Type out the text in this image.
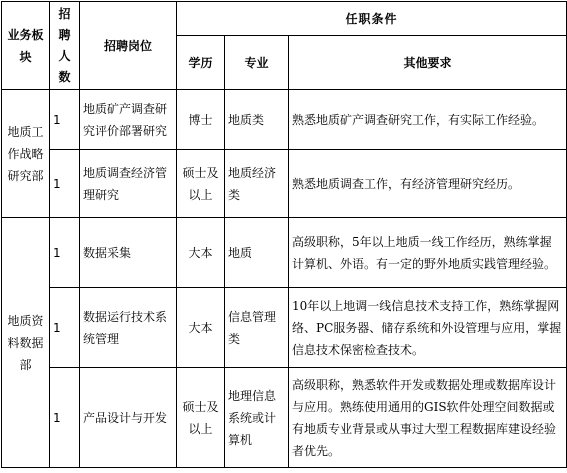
业务板块	招聘人数	招聘岗位	任职条件		
			学历	专业	其他要求
地质工作战略研究部	1	地质矿产调查研究评价部署研究	博士	地质类	熟悉地质矿产调查研究工作，有实际工作经验。
	1	地质调查经济管理研究	硕士及以上	地质经济类	熟悉地质调查工作，有经济管理研究经历。
地质资料数据部	1	数据采集	大本	地质	高级职称，5年以上地质一线工作经历，熟练掌握计算机、外语。有一定的野外地质实践管理经验。
	1	数据运行技术系统管理	大本	信息管理类	10年以上地调一线信息技术支持工作，熟练掌握网络、PC服务器、储存系统和外设管理与应用，掌握信息技术保密检查技术。
	1	产品设计与开发	硕士及以上	地理信息系统或计算机	高级职称，熟悉软件开发或数据处理或数据库设计与应用。熟练使用通用的GIS软件处理空间数据或有地质专业背景或从事过大型工程数据库建设经验者优先。
